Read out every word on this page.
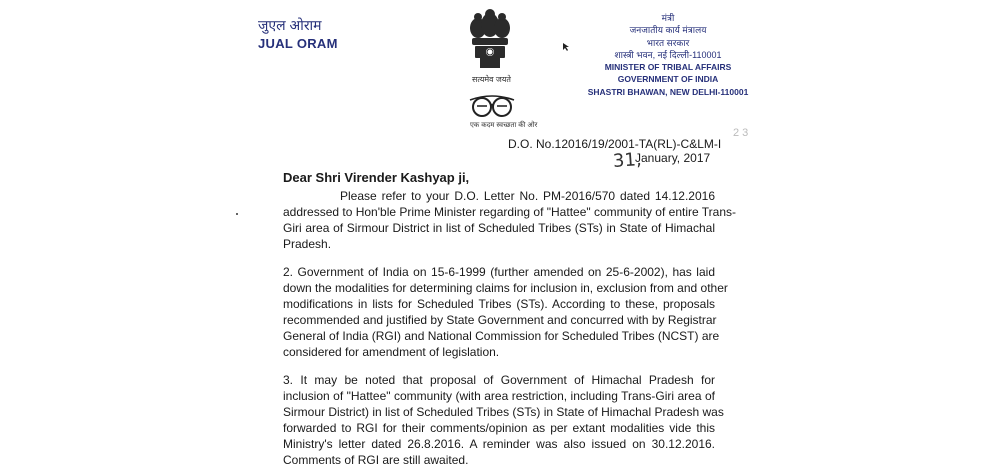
जुएल ओराम
JUAL ORAM
सत्यमेव जयते
एक कदम स्वच्छता की ओर
मंत्री
जनजातीय कार्य मंत्रालय
भारत सरकार
शास्त्री भवन, नई दिल्ली-110001
MINISTER OF TRIBAL AFFAIRS
GOVERNMENT OF INDIA
SHASTRI BHAWAN, NEW DELHI-110001
2 3
D.O. No.12016/19/2001-TA(RL)-C&LM-I
31,
January, 2017
Dear Shri Virender Kashyap ji,
Please refer to your D.O. Letter No. PM-2016/570 dated 14.12.2016
addressed to Hon'ble Prime Minister regarding of "Hattee" community of entire Trans-
Giri area of Sirmour District in list of Scheduled Tribes (STs) in State of Himachal
Pradesh.
2. Government of India on 15-6-1999 (further amended on 25-6-2002), has laid
down the modalities for determining claims for inclusion in, exclusion from and other
modifications in lists for Scheduled Tribes (STs). According to these, proposals
recommended and justified by State Government and concurred with by Registrar
General of India (RGI) and National Commission for Scheduled Tribes (NCST) are
considered for amendment of legislation.
3. It may be noted that proposal of Government of Himachal Pradesh for
inclusion of "Hattee" community (with area restriction, including Trans-Giri area of
Sirmour District) in list of Scheduled Tribes (STs) in State of Himachal Pradesh was
forwarded to RGI for their comments/opinion as per extant modalities vide this
Ministry's letter dated 26.8.2016. A reminder was also issued on 30.12.2016.
Comments of RGI are still awaited.
